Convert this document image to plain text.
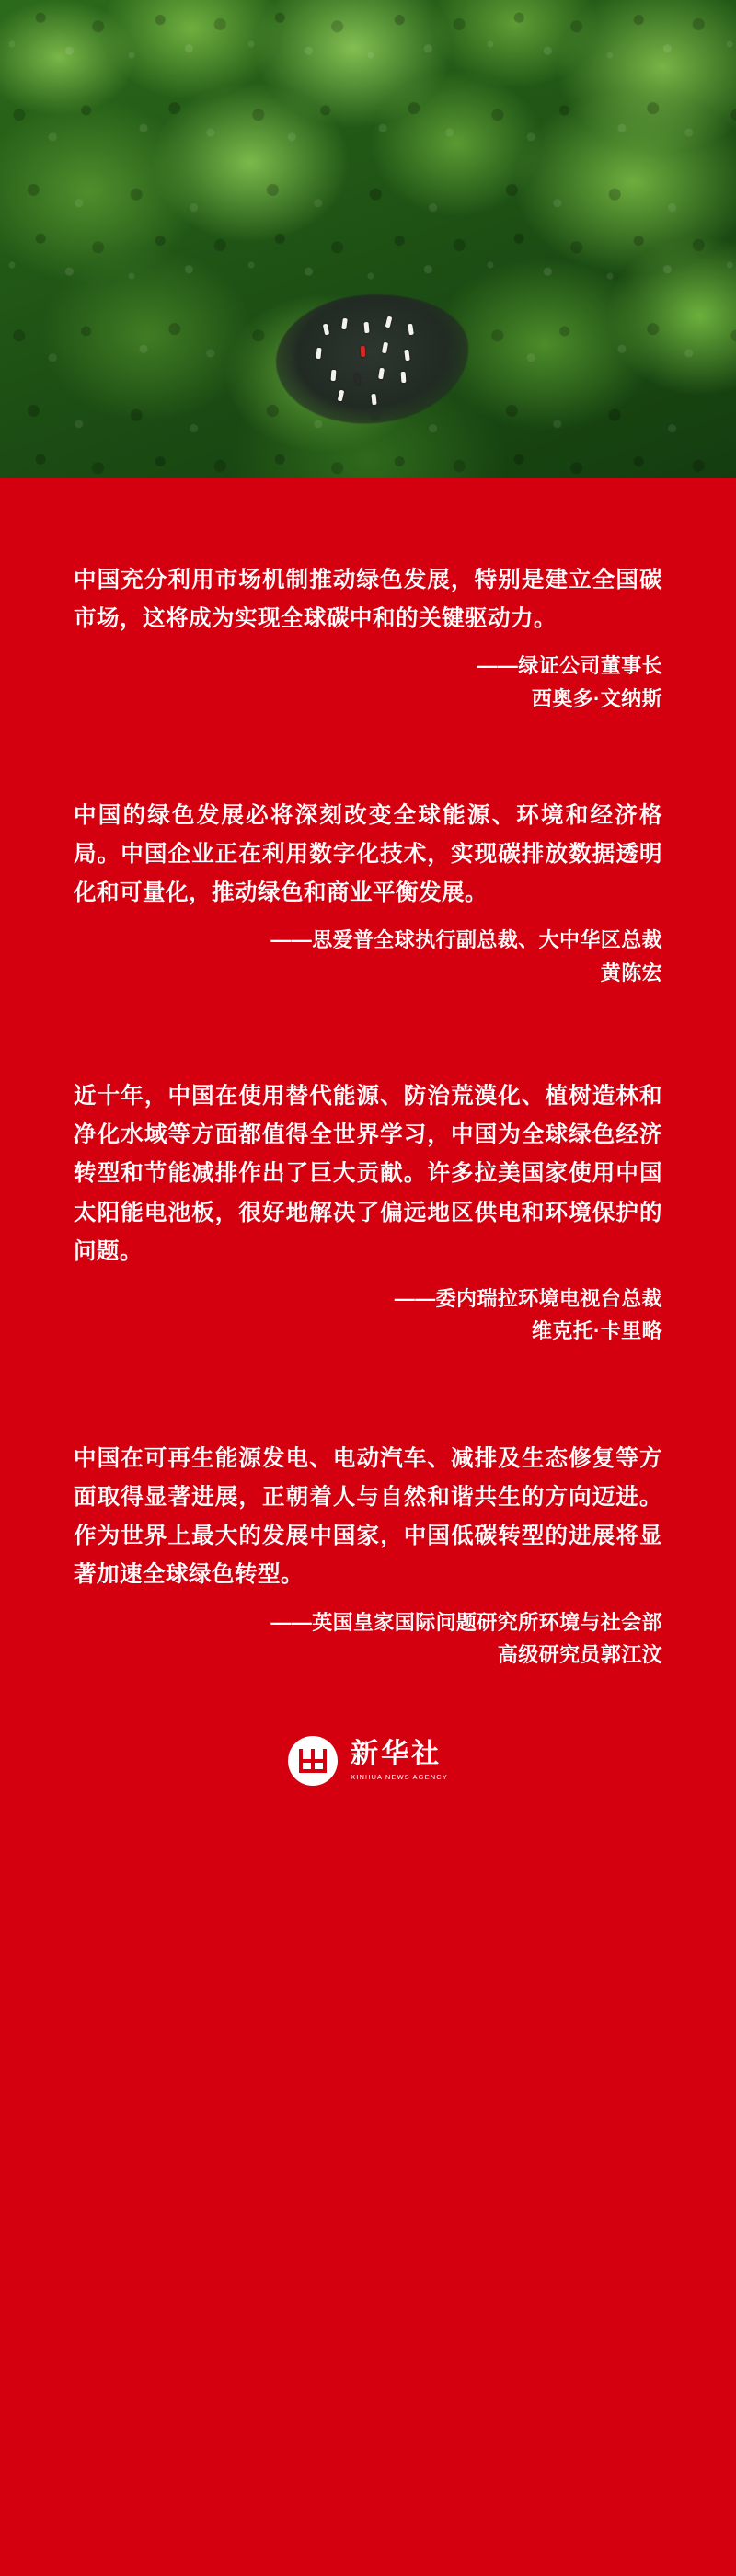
中国充分利用市场机制推动绿色发展，特别是建立全国碳市场，这将成为实现全球碳中和的关键驱动力。

——绿证公司董事长
西奥多·文纳斯

中国的绿色发展必将深刻改变全球能源、环境和经济格局。中国企业正在利用数字化技术，实现碳排放数据透明化和可量化，推动绿色和商业平衡发展。

——思爱普全球执行副总裁、大中华区总裁
黄陈宏

近十年，中国在使用替代能源、防治荒漠化、植树造林和净化水域等方面都值得全世界学习，中国为全球绿色经济转型和节能减排作出了巨大贡献。许多拉美国家使用中国太阳能电池板，很好地解决了偏远地区供电和环境保护的问题。

——委内瑞拉环境电视台总裁
维克托·卡里略

中国在可再生能源发电、电动汽车、减排及生态修复等方面取得显著进展，正朝着人与自然和谐共生的方向迈进。作为世界上最大的发展中国家，中国低碳转型的进展将显著加速全球绿色转型。

——英国皇家国际问题研究所环境与社会部
高级研究员郭江汶
新华社
XINHUA NEWS AGENCY
